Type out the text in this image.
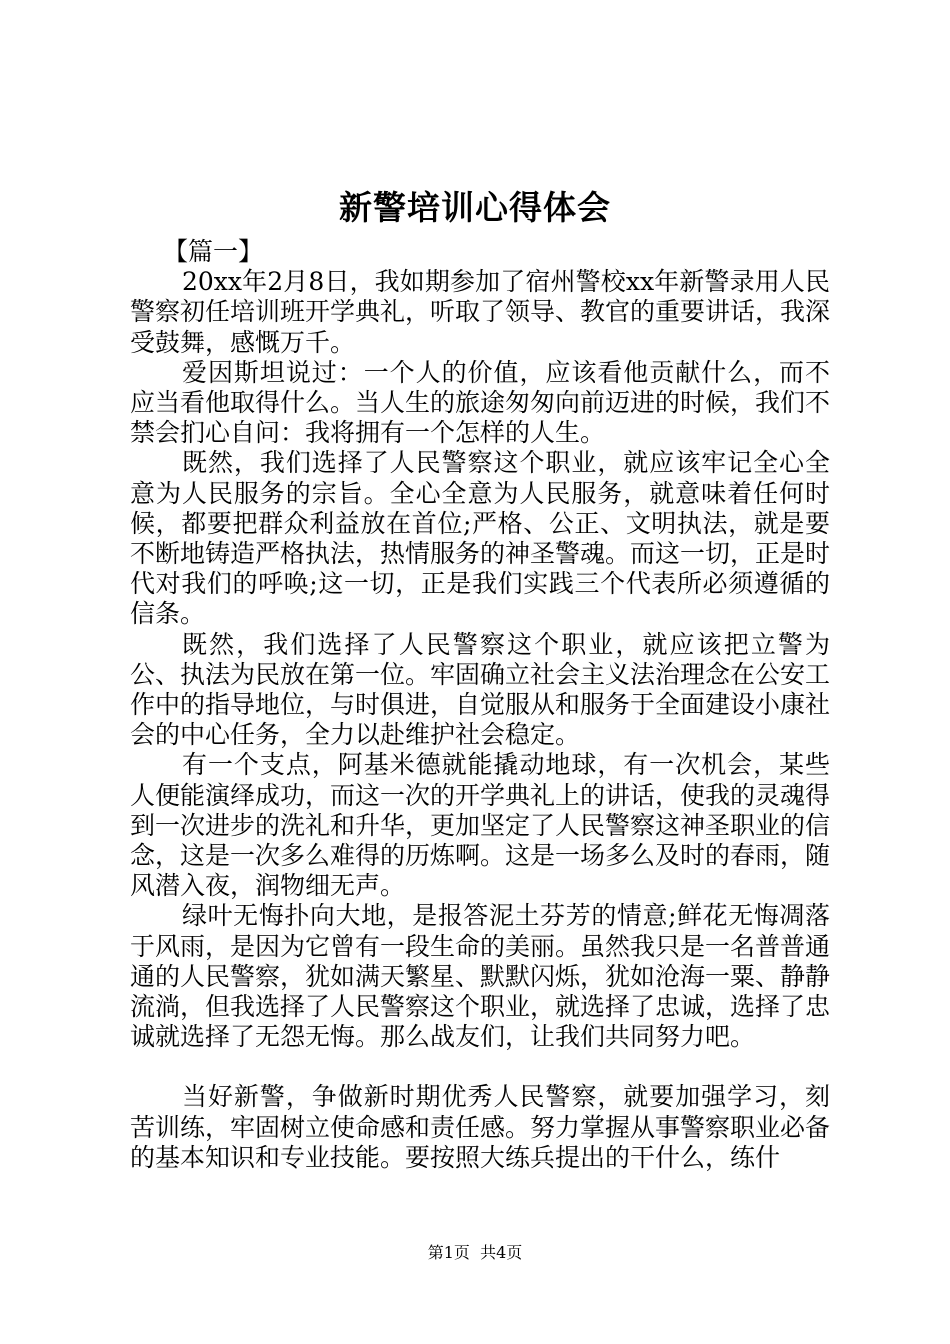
新警培训心得体会

【篇一】

20xx年2月8日，我如期参加了宿州警校xx年新警录用人民警察初任培训班开学典礼，听取了领导、教官的重要讲话，我深受鼓舞，感慨万千。

爱因斯坦说过：一个人的价值，应该看他贡献什么，而不应当看他取得什么。当人生的旅途匆匆向前迈进的时候，我们不禁会扪心自问：我将拥有一个怎样的人生。

既然，我们选择了人民警察这个职业，就应该牢记全心全意为人民服务的宗旨。全心全意为人民服务，就意味着任何时候，都要把群众利益放在首位;严格、公正、文明执法，就是要不断地铸造严格执法，热情服务的神圣警魂。而这一切，正是时代对我们的呼唤;这一切，正是我们实践三个代表所必须遵循的信条。

既然，我们选择了人民警察这个职业，就应该把立警为公、执法为民放在第一位。牢固确立社会主义法治理念在公安工作中的指导地位，与时俱进，自觉服从和服务于全面建设小康社会的中心任务，全力以赴维护社会稳定。

有一个支点，阿基米德就能撬动地球，有一次机会，某些人便能演绎成功，而这一次的开学典礼上的讲话，使我的灵魂得到一次进步的洗礼和升华，更加坚定了人民警察这神圣职业的信念，这是一次多么难得的历炼啊。这是一场多么及时的春雨，随风潜入夜，润物细无声。

绿叶无悔扑向大地，是报答泥土芬芳的情意;鲜花无悔凋落于风雨，是因为它曾有一段生命的美丽。虽然我只是一名普普通通的人民警察，犹如满天繁星、默默闪烁，犹如沧海一粟、静静流淌，但我选择了人民警察这个职业，就选择了忠诚，选择了忠诚就选择了无怨无悔。那么战友们，让我们共同努力吧。

当好新警，争做新时期优秀人民警察，就要加强学习，刻苦训练，牢固树立使命感和责任感。努力掌握从事警察职业必备的基本知识和专业技能。要按照大练兵提出的干什么，练什

第1页  共4页
